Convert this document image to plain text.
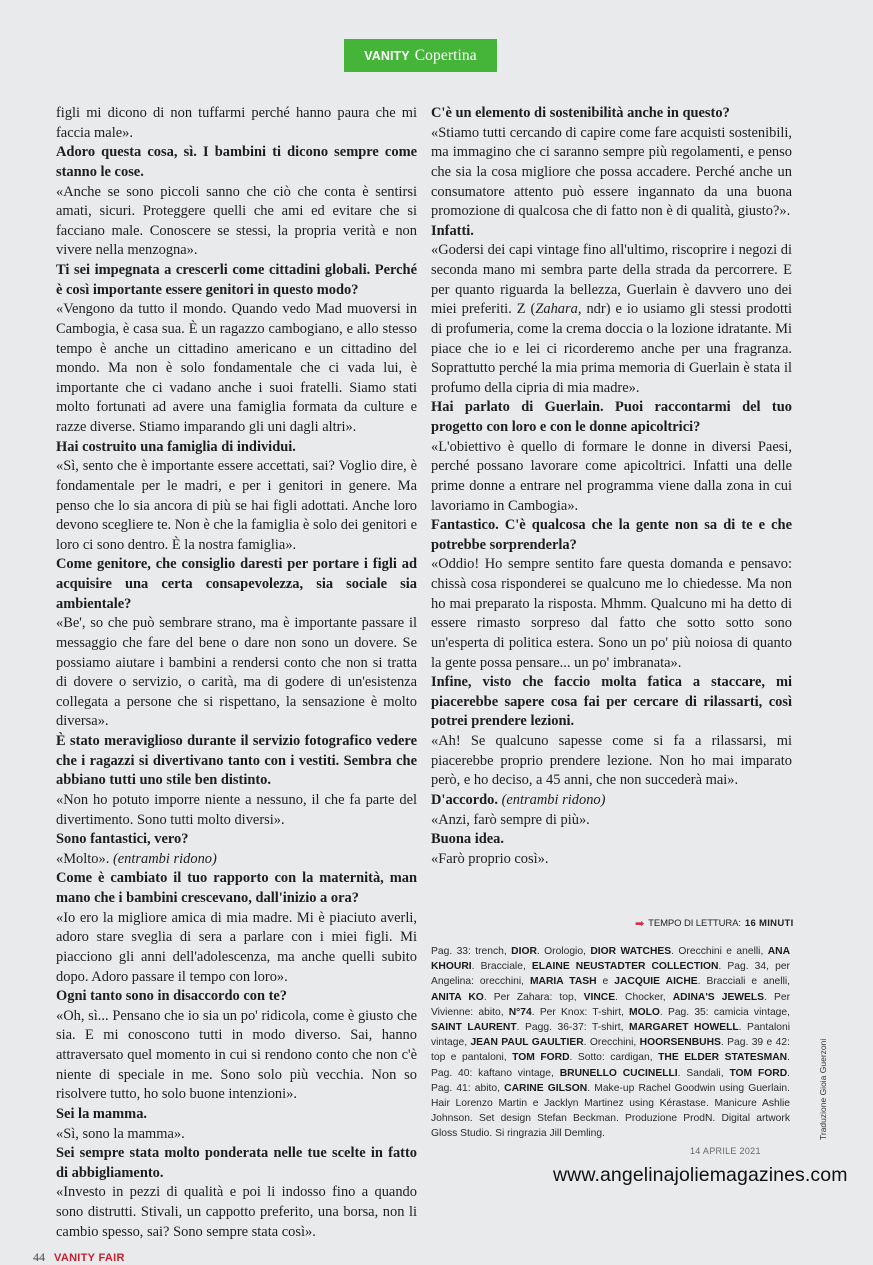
VANITY Copertina

figli mi dicono di non tuffarmi perché hanno paura che mi faccia male».

Adoro questa cosa, sì. I bambini ti dicono sempre come stanno le cose.

«Anche se sono piccoli sanno che ciò che conta è sentirsi amati, sicuri. Proteggere quelli che ami ed evitare che si facciano male. Conoscere se stessi, la propria verità e non vivere nella menzogna».

Ti sei impegnata a crescerli come cittadini globali. Perché è così importante essere genitori in questo modo?

«Vengono da tutto il mondo. Quando vedo Mad muoversi in Cambogia, è casa sua. È un ragazzo cambogiano, e allo stesso tempo è anche un cittadino americano e un cittadino del mondo. Ma non è solo fondamentale che ci vada lui, è importante che ci vadano anche i suoi fratelli. Siamo stati molto fortunati ad avere una famiglia formata da culture e razze diverse. Stiamo imparando gli uni dagli altri».

Hai costruito una famiglia di individui.

«Sì, sento che è importante essere accettati, sai? Voglio dire, è fondamentale per le madri, e per i genitori in genere. Ma penso che lo sia ancora di più se hai figli adottati. Anche loro devono scegliere te. Non è che la famiglia è solo dei genitori e loro ci sono dentro. È la nostra famiglia».

Come genitore, che consiglio daresti per portare i figli ad acquisire una certa consapevolezza, sia sociale sia ambientale?

«Be', so che può sembrare strano, ma è importante passare il messaggio che fare del bene o dare non sono un dovere. Se possiamo aiutare i bambini a rendersi conto che non si tratta di dovere o servizio, o carità, ma di godere di un'esistenza collegata a persone che si rispettano, la sensazione è molto diversa».

È stato meraviglioso durante il servizio fotografico vedere che i ragazzi si divertivano tanto con i vestiti. Sembra che abbiano tutti uno stile ben distinto.

«Non ho potuto imporre niente a nessuno, il che fa parte del divertimento. Sono tutti molto diversi».

Sono fantastici, vero?

«Molto». (entrambi ridono)

Come è cambiato il tuo rapporto con la maternità, man mano che i bambini crescevano, dall'inizio a ora?

«Io ero la migliore amica di mia madre. Mi è piaciuto averli, adoro stare sveglia di sera a parlare con i miei figli. Mi piacciono gli anni dell'adolescenza, ma anche quelli subito dopo. Adoro passare il tempo con loro».

Ogni tanto sono in disaccordo con te?

«Oh, sì... Pensano che io sia un po' ridicola, come è giusto che sia. E mi conoscono tutti in modo diverso. Sai, hanno attraversato quel momento in cui si rendono conto che non c'è niente di speciale in me. Sono solo più vecchia. Non so risolvere tutto, ho solo buone intenzioni».

Sei la mamma.

«Sì, sono la mamma».

Sei sempre stata molto ponderata nelle tue scelte in fatto di abbigliamento.

«Investo in pezzi di qualità e poi li indosso fino a quando sono distrutti. Stivali, un cappotto preferito, una borsa, non li cambio spesso, sai? Sono sempre stata così».

C'è un elemento di sostenibilità anche in questo?

«Stiamo tutti cercando di capire come fare acquisti sostenibili, ma immagino che ci saranno sempre più regolamenti, e penso che sia la cosa migliore che possa accadere. Perché anche un consumatore attento può essere ingannato da una buona promozione di qualcosa che di fatto non è di qualità, giusto?».

Infatti.

«Godersi dei capi vintage fino all'ultimo, riscoprire i negozi di seconda mano mi sembra parte della strada da percorrere. E per quanto riguarda la bellezza, Guerlain è davvero uno dei miei preferiti. Z (Zahara, ndr) e io usiamo gli stessi prodotti di profumeria, come la crema doccia o la lozione idratante. Mi piace che io e lei ci ricorderemo anche per una fragranza. Soprattutto perché la mia prima memoria di Guerlain è stata il profumo della cipria di mia madre».

Hai parlato di Guerlain. Puoi raccontarmi del tuo progetto con loro e con le donne apicoltrici?

«L'obiettivo è quello di formare le donne in diversi Paesi, perché possano lavorare come apicoltrici. Infatti una delle prime donne a entrare nel programma viene dalla zona in cui lavoriamo in Cambogia».

Fantastico. C'è qualcosa che la gente non sa di te e che potrebbe sorprenderla?

«Oddio! Ho sempre sentito fare questa domanda e pensavo: chissà cosa risponderei se qualcuno me lo chiedesse. Ma non ho mai preparato la risposta. Mhmm. Qualcuno mi ha detto di essere rimasto sorpreso dal fatto che sotto sotto sono un'esperta di politica estera. Sono un po' più noiosa di quanto la gente possa pensare... un po' imbranata».

Infine, visto che faccio molta fatica a staccare, mi piacerebbe sapere cosa fai per cercare di rilassarti, così potrei prendere lezioni.

«Ah! Se qualcuno sapesse come si fa a rilassarsi, mi piacerebbe proprio prendere lezione. Non ho mai imparato però, e ho deciso, a 45 anni, che non succederà mai».

D'accordo. (entrambi ridono)

«Anzi, farò sempre di più».

Buona idea.

«Farò proprio così».

➡ TEMPO DI LETTURA: 16 MINUTI
Pag. 33: trench, DIOR. Orologio, DIOR WATCHES. Orecchini e anelli, ANA KHOURI. Bracciale, ELAINE NEUSTADTER COLLECTION. Pag. 34, per Angelina: orecchini, MARIA TASH e JACQUIE AICHE. Bracciali e anelli, ANITA KO. Per Zahara: top, VINCE. Chocker, ADINA'S JEWELS. Per Vivienne: abito, N°74. Per Knox: T-shirt, MOLO. Pag. 35: camicia vintage, SAINT LAURENT. Pagg. 36-37: T-shirt, MARGARET HOWELL. Pantaloni vintage, JEAN PAUL GAULTIER. Orecchini, HOORSENBUHS. Pag. 39 e 42: top e pantaloni, TOM FORD. Sotto: cardigan, THE ELDER STATESMAN. Pag. 40: kaftano vintage, BRUNELLO CUCINELLI. Sandali, TOM FORD. Pag. 41: abito, CARINE GILSON. Make-up Rachel Goodwin using Guerlain. Hair Lorenzo Martin e Jacklyn Martinez using Kérastase. Manicure Ashlie Johnson. Set design Stefan Beckman. Produzione ProdN. Digital artwork Gloss Studio. Si ringrazia Jill Demling.	Traduzione Gioia Guerzoni
44 VANITY FAIR
14 APRILE 2021
www.angelinajoliemagazines.com
